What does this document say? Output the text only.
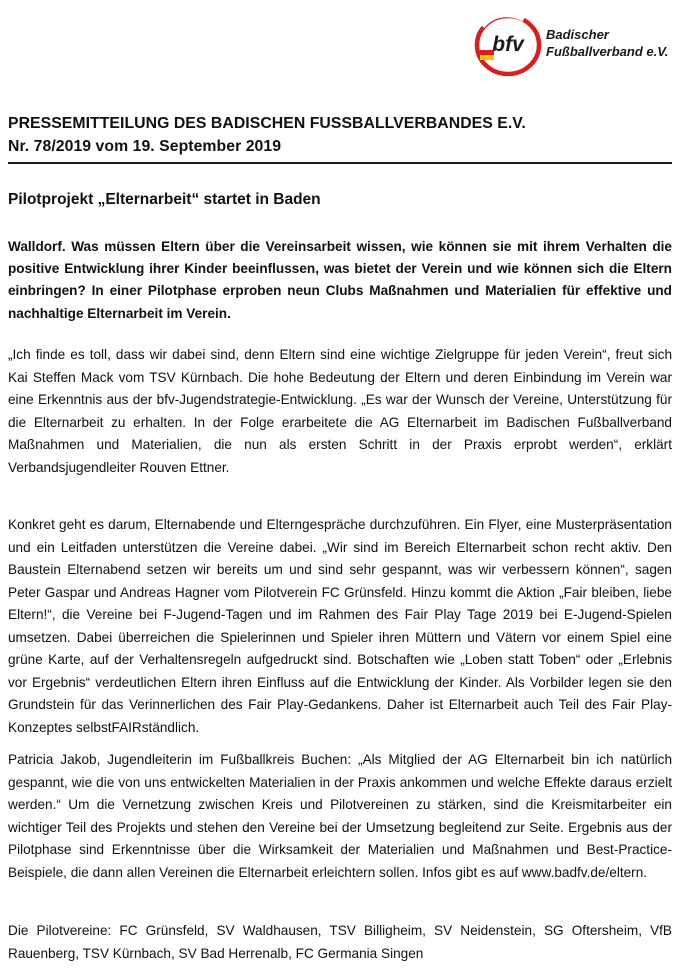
bfv Badischer
Fußballverband e.V.
PRESSEMITTEILUNG DES BADISCHEN FUSSBALLVERBANDES E.V.
Nr. 78/2019 vom 19. September 2019
Pilotprojekt „Elternarbeit“ startet in Baden

Walldorf. Was müssen Eltern über die Vereinsarbeit wissen, wie können sie mit ihrem Verhalten die positive Entwicklung ihrer Kinder beeinflussen, was bietet der Verein und wie können sich die Eltern einbringen? In einer Pilotphase erproben neun Clubs Maßnahmen und Materialien für effektive und nachhaltige Elternarbeit im Verein.

„Ich finde es toll, dass wir dabei sind, denn Eltern sind eine wichtige Zielgruppe für jeden Verein“, freut sich Kai Steffen Mack vom TSV Kürnbach. Die hohe Bedeutung der Eltern und deren Einbindung im Verein war eine Erkenntnis aus der bfv-Jugendstrategie-Entwicklung. „Es war der Wunsch der Vereine, Unterstützung für die Elternarbeit zu erhalten. In der Folge erarbeitete die AG Elternarbeit im Badischen Fußballverband Maßnahmen und Materialien, die nun als ersten Schritt in der Praxis erprobt werden“, erklärt Verbandsjugendleiter Rouven Ettner.

Konkret geht es darum, Elternabende und Elterngespräche durchzuführen. Ein Flyer, eine Musterpräsentation und ein Leitfaden unterstützen die Vereine dabei. „Wir sind im Bereich Elternarbeit schon recht aktiv. Den Baustein Elternabend setzen wir bereits um und sind sehr gespannt, was wir verbessern können“, sagen Peter Gaspar und Andreas Hagner vom Pilotverein FC Grünsfeld. Hinzu kommt die Aktion „Fair bleiben, liebe Eltern!“, die Vereine bei F-Jugend-Tagen und im Rahmen des Fair Play Tage 2019 bei E-Jugend-Spielen umsetzen. Dabei überreichen die Spielerinnen und Spieler ihren Müttern und Vätern vor einem Spiel eine grüne Karte, auf der Verhaltensregeln aufgedruckt sind. Botschaften wie „Loben statt Toben“ oder „Erlebnis vor Ergebnis“ verdeutlichen Eltern ihren Einfluss auf die Entwicklung der Kinder. Als Vorbilder legen sie den Grundstein für das Verinnerlichen des Fair Play-Gedankens. Daher ist Elternarbeit auch Teil des Fair Play-Konzeptes selbstFAIRständlich.

Patricia Jakob, Jugendleiterin im Fußballkreis Buchen: „Als Mitglied der AG Elternarbeit bin ich natürlich gespannt, wie die von uns entwickelten Materialien in der Praxis ankommen und welche Effekte daraus erzielt werden.“ Um die Vernetzung zwischen Kreis und Pilotvereinen zu stärken, sind die Kreismitarbeiter ein wichtiger Teil des Projekts und stehen den Vereine bei der Umsetzung begleitend zur Seite. Ergebnis aus der Pilotphase sind Erkenntnisse über die Wirksamkeit der Materialien und Maßnahmen und Best-Practice-Beispiele, die dann allen Vereinen die Elternarbeit erleichtern sollen. Infos gibt es auf www.badfv.de/eltern.

Die Pilotvereine: FC Grünsfeld, SV Waldhausen, TSV Billigheim, SV Neidenstein, SG Oftersheim, VfB Rauenberg, TSV Kürnbach, SV Bad Herrenalb, FC Germania Singen
